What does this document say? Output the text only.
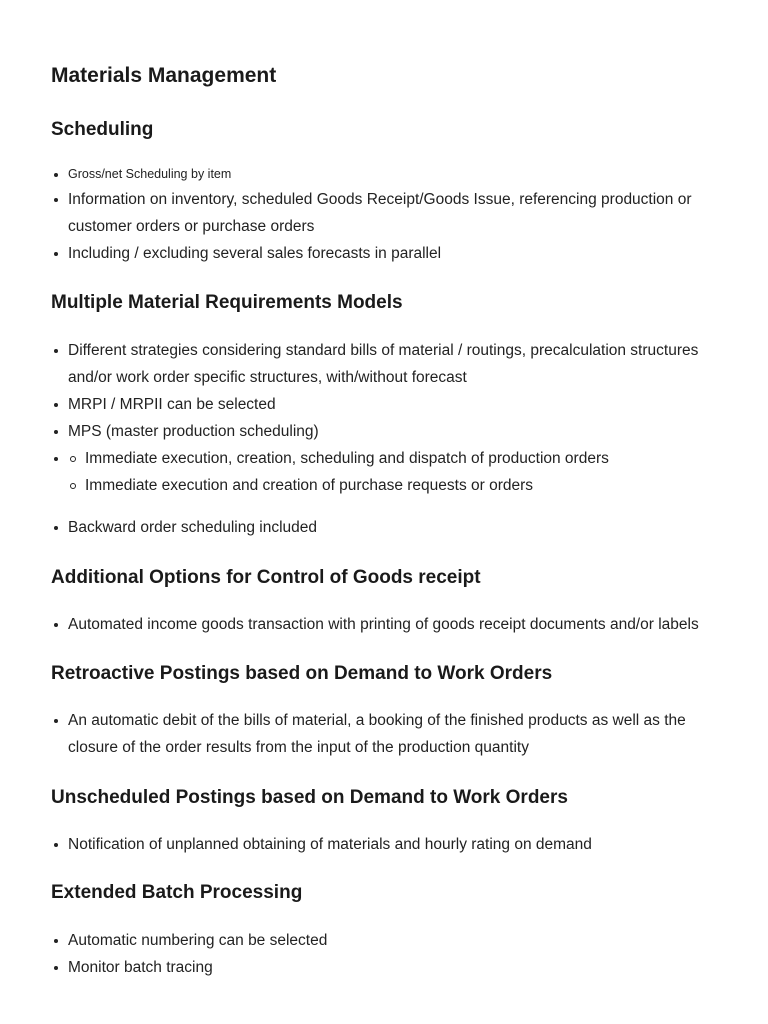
Materials Management
Scheduling
Gross/net Scheduling by item
Information on inventory, scheduled Goods Receipt/Goods Issue, referencing production or customer orders or purchase orders
Including / excluding several sales forecasts in parallel
Multiple Material Requirements Models
Different strategies considering standard bills of material / routings, precalculation structures and/or work order specific structures, with/without forecast
MRPI / MRPII can be selected
MPS (master production scheduling)
Immediate execution, creation, scheduling and dispatch of production orders
Immediate execution and creation of purchase requests or orders
Backward order scheduling included
Additional Options for Control of Goods receipt
Automated income goods transaction with printing of goods receipt documents and/or labels
Retroactive Postings based on Demand to Work Orders
An automatic debit of the bills of material, a booking of the finished products as well as the closure of the order results from the input of the production quantity
Unscheduled Postings based on Demand to Work Orders
Notification of unplanned obtaining of materials and hourly rating on demand
Extended Batch Processing
Automatic numbering can be selected
Monitor batch tracing
